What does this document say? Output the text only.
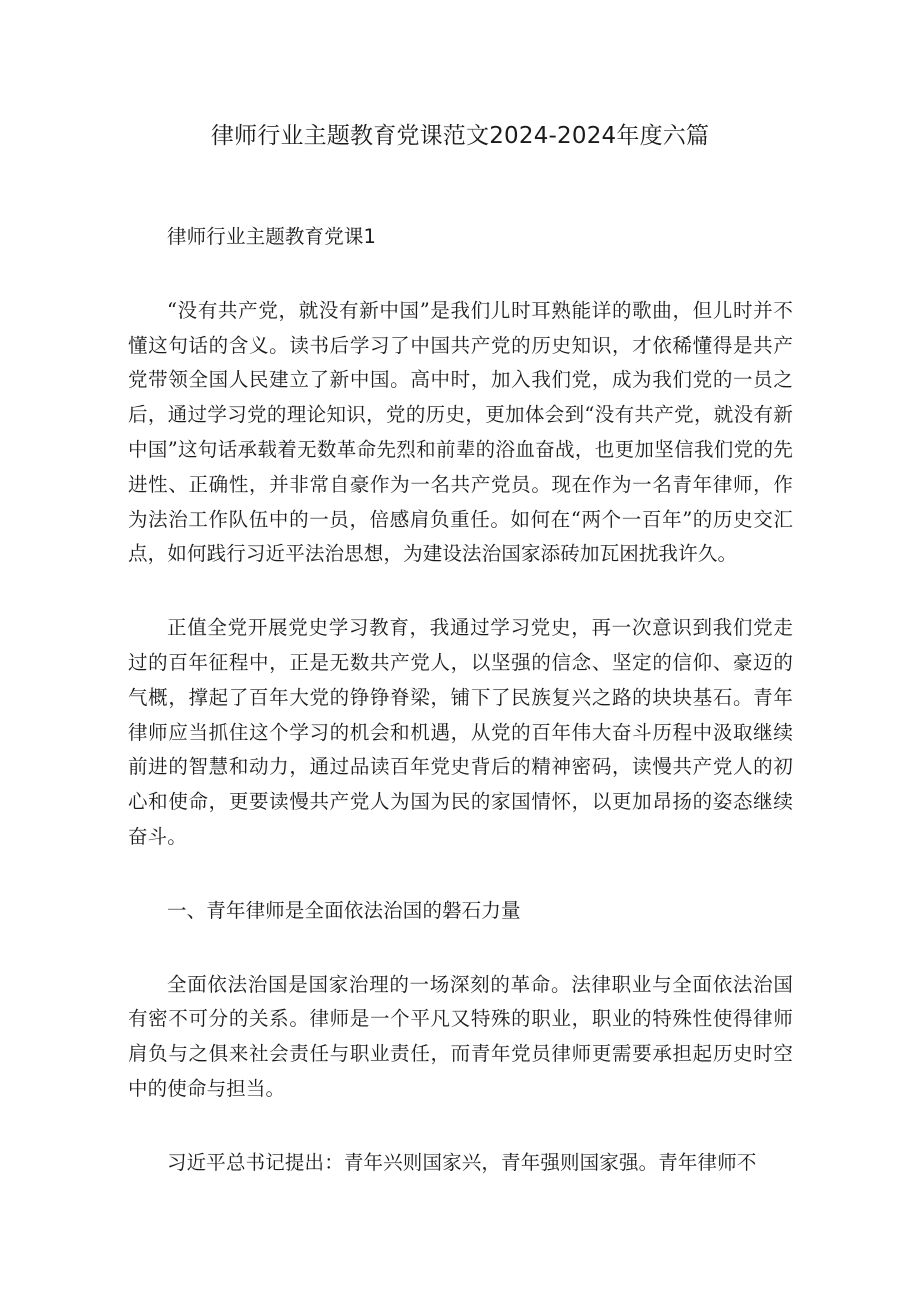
律师行业主题教育党课范文2024-2024年度六篇

律师行业主题教育党课1

“没有共产党，就没有新中国”是我们儿时耳熟能详的歌曲，但儿时并不懂这句话的含义。读书后学习了中国共产党的历史知识，才依稀懂得是共产党带领全国人民建立了新中国。高中时，加入我们党，成为我们党的一员之后，通过学习党的理论知识，党的历史，更加体会到“没有共产党，就没有新中国”这句话承载着无数革命先烈和前辈的浴血奋战，也更加坚信我们党的先进性、正确性，并非常自豪作为一名共产党员。现在作为一名青年律师，作为法治工作队伍中的一员，倍感肩负重任。如何在“两个一百年”的历史交汇点，如何践行习近平法治思想，为建设法治国家添砖加瓦困扰我许久。

正值全党开展党史学习教育，我通过学习党史，再一次意识到我们党走过的百年征程中，正是无数共产党人，以坚强的信念、坚定的信仰、豪迈的气概，撑起了百年大党的铮铮脊梁，铺下了民族复兴之路的块块基石。青年律师应当抓住这个学习的机会和机遇，从党的百年伟大奋斗历程中汲取继续前进的智慧和动力，通过品读百年党史背后的精神密码，读慢共产党人的初心和使命，更要读慢共产党人为国为民的家国情怀，以更加昂扬的姿态继续奋斗。

一、青年律师是全面依法治国的磐石力量

全面依法治国是国家治理的一场深刻的革命。法律职业与全面依法治国有密不可分的关系。律师是一个平凡又特殊的职业，职业的特殊性使得律师肩负与之俱来社会责任与职业责任，而青年党员律师更需要承担起历史时空中的使命与担当。

习近平总书记提出：青年兴则国家兴，青年强则国家强。青年律师不
